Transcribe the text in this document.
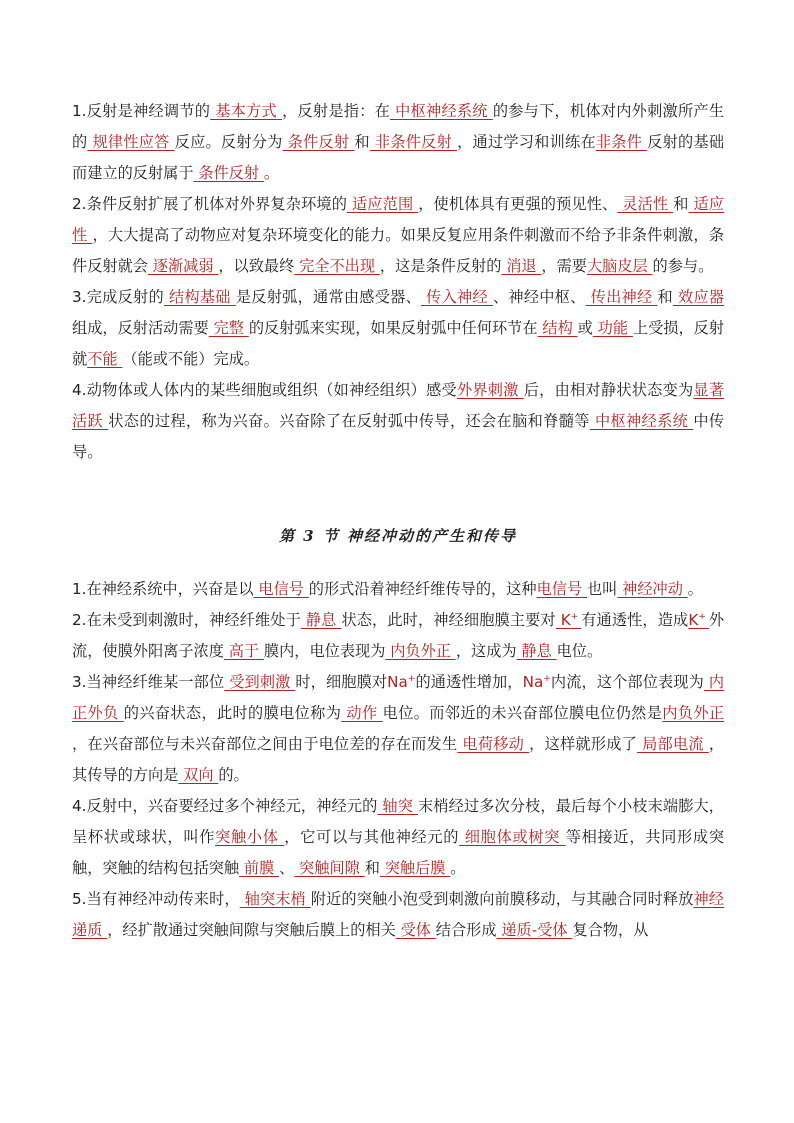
1.反射是神经调节的 基本方式 ，反射是指：在 中枢神经系统 的参与下，机体对内外刺激所产生的 规律性应答 反应。反射分为 条件反射 和 非条件反射 ，通过学习和训练在非条件 反射的基础而建立的反射属于 条件反射 。

2.条件反射扩展了机体对外界复杂环境的 适应范围 ，使机体具有更强的预见性、 灵活性 和 适应性 ，大大提高了动物应对复杂环境变化的能力。如果反复应用条件刺激而不给予非条件刺激，条件反射就会 逐渐减弱 ，以致最终 完全不出现 ，这是条件反射的 消退 ，需要大脑皮层 的参与。

3.完成反射的 结构基础 是反射弧，通常由感受器、 传入神经 、神经中枢、 传出神经 和 效应器 组成，反射活动需要 完整 的反射弧来实现，如果反射弧中任何环节在 结构 或 功能 上受损，反射就不能 （能或不能）完成。

4.动物体或人体内的某些细胞或组织（如神经组织）感受外界刺激 后，由相对静状状态变为显著活跃 状态的过程，称为兴奋。兴奋除了在反射弧中传导，还会在脑和脊髓等 中枢神经系统 中传导。

第 3 节 神经冲动的产生和传导

1.在神经系统中，兴奋是以 电信号 的形式沿着神经纤维传导的，这种电信号 也叫 神经冲动 。

2.在未受到刺激时，神经纤维处于 静息 状态，此时，神经细胞膜主要对 K+ 有通透性，造成K+ 外流，使膜外阳离子浓度 高于 膜内，电位表现为 内负外正 ，这成为 静息 电位。

3.当神经纤维某一部位 受到刺激 时，细胞膜对Na+的通透性增加，Na+内流，这个部位表现为 内正外负 的兴奋状态，此时的膜电位称为 动作 电位。而邻近的未兴奋部位膜电位仍然是内负外正 ，在兴奋部位与未兴奋部位之间由于电位差的存在而发生 电荷移动 ，这样就形成了 局部电流 ，其传导的方向是 双向 的。

4.反射中，兴奋要经过多个神经元，神经元的 轴突 末梢经过多次分枝，最后每个小枝末端膨大，呈杯状或球状，叫作突触小体 ，它可以与其他神经元的 细胞体或树突 等相接近，共同形成突触，突触的结构包括突触 前膜 、 突触间隙 和 突触后膜 。

5.当有神经冲动传来时， 轴突末梢 附近的突触小泡受到刺激向前膜移动，与其融合同时释放神经递质 ，经扩散通过突触间隙与突触后膜上的相关 受体 结合形成 递质-受体 复合物，从
